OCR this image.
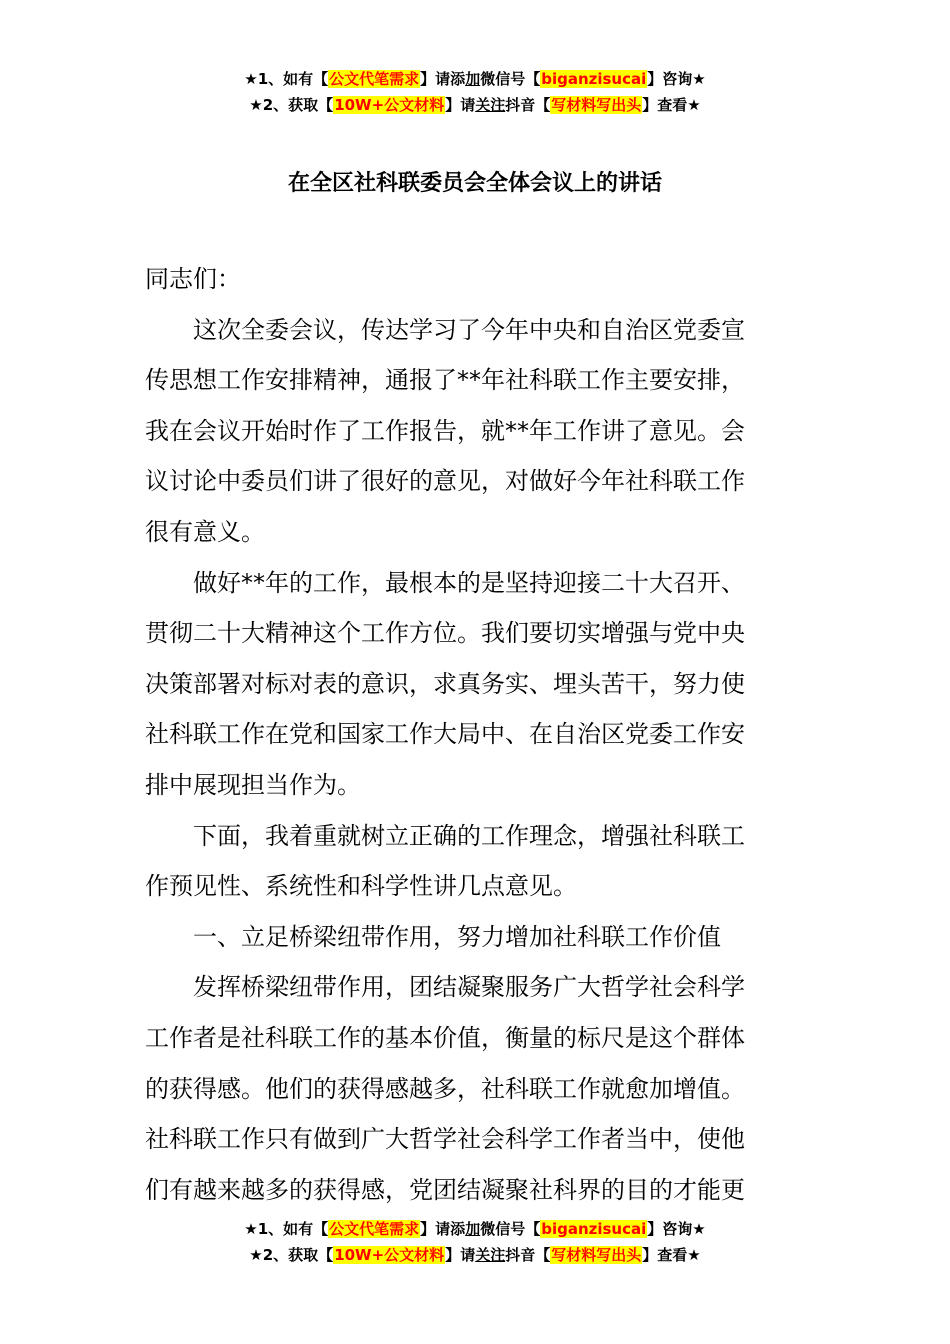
★1、如有【公文代笔需求】请添加微信号【biganzisucai】咨询★
★2、获取【10W+公文材料】请关注抖音【写材料写出头】查看★
在全区社科联委员会全体会议上的讲话

同志们：

这次全委会议，传达学习了今年中央和自治区党委宣
传思想工作安排精神，通报了**年社科联工作主要安排，
我在会议开始时作了工作报告，就**年工作讲了意见。会
议讨论中委员们讲了很好的意见，对做好今年社科联工作
很有意义。

做好**年的工作，最根本的是坚持迎接二十大召开、
贯彻二十大精神这个工作方位。我们要切实增强与党中央
决策部署对标对表的意识，求真务实、埋头苦干，努力使
社科联工作在党和国家工作大局中、在自治区党委工作安
排中展现担当作为。

下面，我着重就树立正确的工作理念，增强社科联工
作预见性、系统性和科学性讲几点意见。

一、立足桥梁纽带作用，努力增加社科联工作价值

发挥桥梁纽带作用，团结凝聚服务广大哲学社会科学
工作者是社科联工作的基本价值，衡量的标尺是这个群体
的获得感。他们的获得感越多，社科联工作就愈加增值。
社科联工作只有做到广大哲学社会科学工作者当中，使他
们有越来越多的获得感，党团结凝聚社科界的目的才能更

★1、如有【公文代笔需求】请添加微信号【biganzisucai】咨询★
★2、获取【10W+公文材料】请关注抖音【写材料写出头】查看★
